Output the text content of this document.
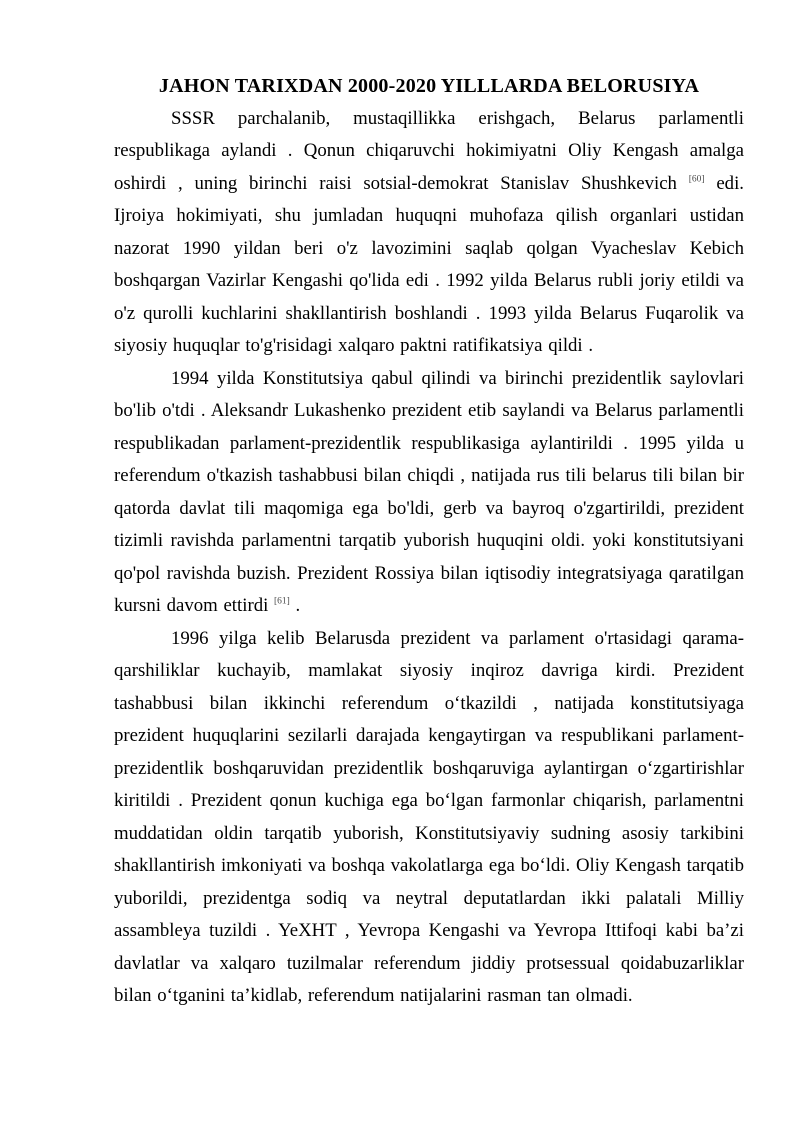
JAHON TARIXDAN 2000-2020 YILLLARDA BELORUSIYA

SSSR parchalanib, mustaqillikka erishgach, Belarus parlamentli respublikaga aylandi . Qonun chiqaruvchi hokimiyatni Oliy Kengash amalga oshirdi , uning birinchi raisi sotsial-demokrat Stanislav Shushkevich [60] edi. Ijroiya hokimiyati, shu jumladan huquqni muhofaza qilish organlari ustidan nazorat 1990 yildan beri o'z lavozimini saqlab qolgan Vyacheslav Kebich boshqargan Vazirlar Kengashi qo'lida edi . 1992 yilda Belarus rubli joriy etildi va o'z qurolli kuchlarini shakllantirish boshlandi . 1993 yilda Belarus Fuqarolik va siyosiy huquqlar to'g'risidagi xalqaro paktni ratifikatsiya qildi .

1994 yilda Konstitutsiya qabul qilindi va birinchi prezidentlik saylovlari bo'lib o'tdi . Aleksandr Lukashenko prezident etib saylandi va Belarus parlamentli respublikadan parlament-prezidentlik respublikasiga aylantirildi . 1995 yilda u referendum o'tkazish tashabbusi bilan chiqdi , natijada rus tili belarus tili bilan bir qatorda davlat tili maqomiga ega bo'ldi, gerb va bayroq o'zgartirildi, prezident tizimli ravishda parlamentni tarqatib yuborish huquqini oldi. yoki konstitutsiyani qo'pol ravishda buzish. Prezident Rossiya bilan iqtisodiy integratsiyaga qaratilgan kursni davom ettirdi [61] .

1996 yilga kelib Belarusda prezident va parlament o'rtasidagi qarama-qarshiliklar kuchayib, mamlakat siyosiy inqiroz davriga kirdi. Prezident tashabbusi bilan ikkinchi referendum oʻtkazildi , natijada konstitutsiyaga prezident huquqlarini sezilarli darajada kengaytirgan va respublikani parlament-prezidentlik boshqaruvidan prezidentlik boshqaruviga aylantirgan oʻzgartirishlar kiritildi . Prezident qonun kuchiga ega boʻlgan farmonlar chiqarish, parlamentni muddatidan oldin tarqatib yuborish, Konstitutsiyaviy sudning asosiy tarkibini shakllantirish imkoniyati va boshqa vakolatlarga ega boʻldi. Oliy Kengash tarqatib yuborildi, prezidentga sodiq va neytral deputatlardan ikki palatali Milliy assambleya tuzildi . YeXHT , Yevropa Kengashi va Yevropa Ittifoqi kabi baʼzi davlatlar va xalqaro tuzilmalar referendum jiddiy protsessual qoidabuzarliklar bilan oʻtganini taʼkidlab, referendum natijalarini rasman tan olmadi.
